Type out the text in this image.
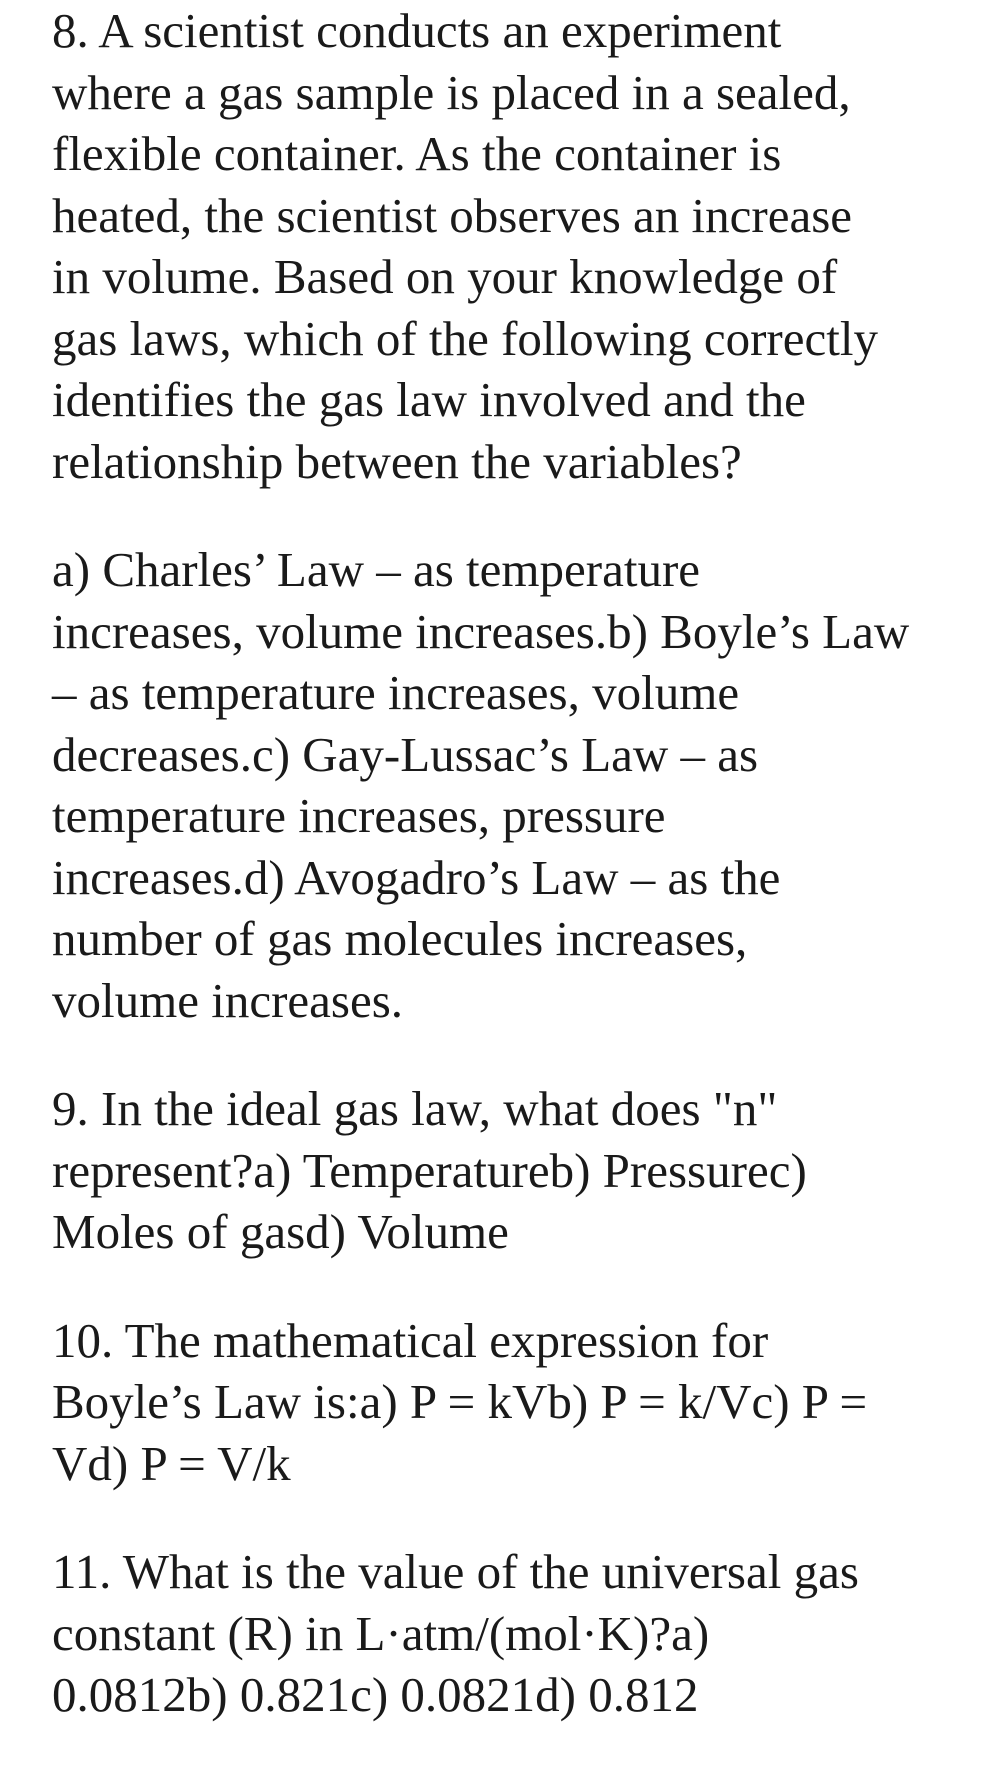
8. A scientist conducts an experiment
where a gas sample is placed in a sealed,
flexible container. As the container is
heated, the scientist observes an increase
in volume. Based on your knowledge of
gas laws, which of the following correctly
identifies the gas law involved and the
relationship between the variables?
a) Charles’ Law – as temperature
increases, volume increases.b) Boyle’s Law
– as temperature increases, volume
decreases.c) Gay-Lussac’s Law – as
temperature increases, pressure
increases.d) Avogadro’s Law – as the
number of gas molecules increases,
volume increases.
9. In the ideal gas law, what does "n"
represent?a) Temperatureb) Pressurec)
Moles of gasd) Volume
10. The mathematical expression for
Boyle’s Law is:a) P = kVb) P = k/Vc) P =
Vd) P = V/k
11. What is the value of the universal gas
constant (R) in L·atm/(mol·K)?a)
0.0812b) 0.821c) 0.0821d) 0.812
